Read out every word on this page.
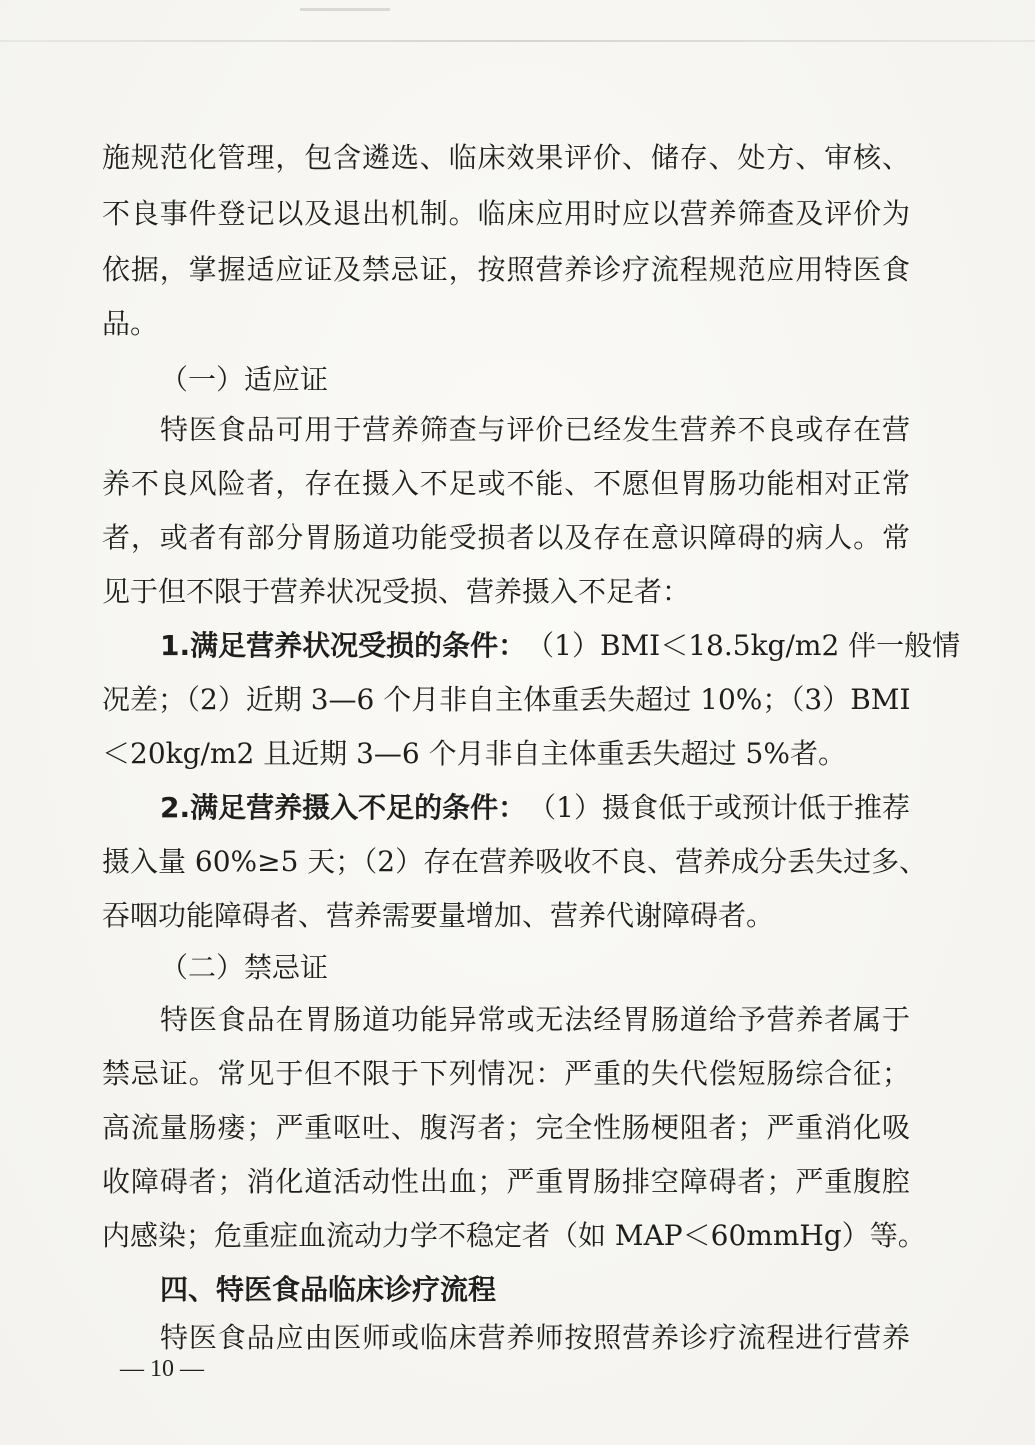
施规范化管理，包含遴选、临床效果评价、储存、处方、审核、
不良事件登记以及退出机制。临床应用时应以营养筛查及评价为
依据，掌握适应证及禁忌证，按照营养诊疗流程规范应用特医食
品。
（一）适应证
特医食品可用于营养筛查与评价已经发生营养不良或存在营
养不良风险者，存在摄入不足或不能、不愿但胃肠功能相对正常
者，或者有部分胃肠道功能受损者以及存在意识障碍的病人。常
见于但不限于营养状况受损、营养摄入不足者：
1.满足营养状况受损的条件： （1）BMI＜18.5kg/m2 伴一般情
况差；（2）近期 3—6 个月非自主体重丢失超过 10%；（3）BMI
＜20kg/m2 且近期 3—6 个月非自主体重丢失超过 5%者。
2.满足营养摄入不足的条件： （1）摄食低于或预计低于推荐
摄入量 60%≥5 天；（2）存在营养吸收不良、营养成分丢失过多、
吞咽功能障碍者、营养需要量增加、营养代谢障碍者。
（二）禁忌证
特医食品在胃肠道功能异常或无法经胃肠道给予营养者属于
禁忌证。常见于但不限于下列情况：严重的失代偿短肠综合征；
高流量肠瘘；严重呕吐、腹泻者；完全性肠梗阻者；严重消化吸
收障碍者；消化道活动性出血；严重胃肠排空障碍者；严重腹腔
内感染；危重症血流动力学不稳定者（如 MAP＜60mmHg）等。
四、特医食品临床诊疗流程
特医食品应由医师或临床营养师按照营养诊疗流程进行营养
— 10 —
